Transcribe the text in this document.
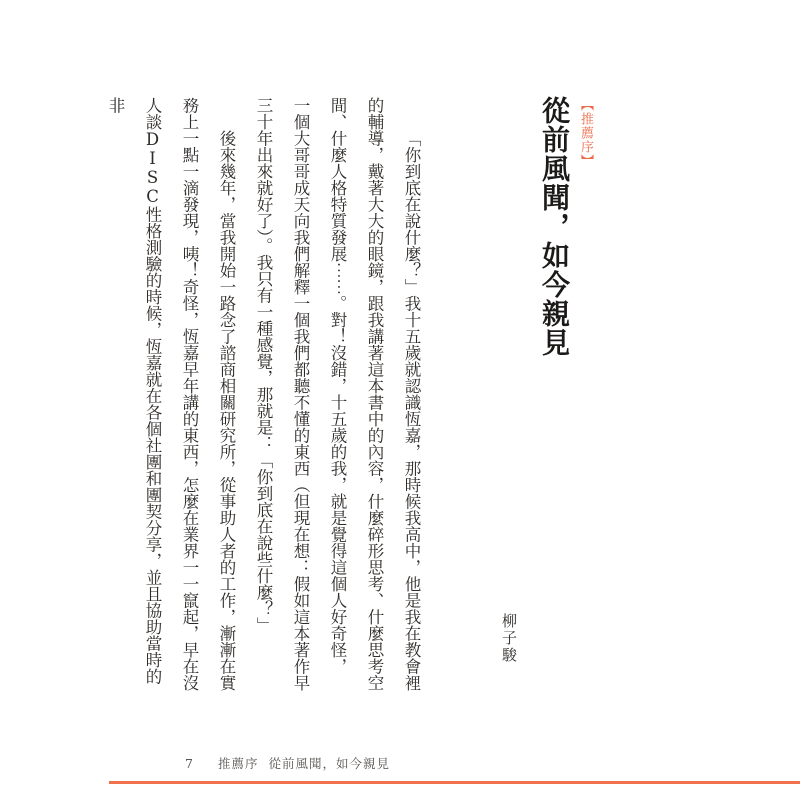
【推薦序】
從前風聞，如今親見
柳子駿
「你到底在說什麼？」我十五歲就認識恆嘉，那時候我高中，他是我在教會裡
的輔導，戴著大大的眼鏡，跟我講著這本書中的內容，什麼碎形思考、什麼思考空
間、什麼人格特質發展⋯⋯。對！沒錯，十五歲的我，就是覺得這個人好奇怪，
一個大哥哥成天向我們解釋一個我們都聽不懂的東西（但現在想：假如這本著作早
三十年出來就好了）。我只有一種感覺，那就是：「你到底在說些什麼？」
後來幾年，當我開始一路念了諮商相關研究所，從事助人者的工作，漸漸在實
務上一點一滴發現，咦！奇怪，恆嘉早年講的東西，怎麼在業界一一竄起，早在沒
人談DISC性格測驗的時候，恆嘉就在各個社團和團契分享，並且協助當時的非
7 推薦序 從前風聞，如今親見
